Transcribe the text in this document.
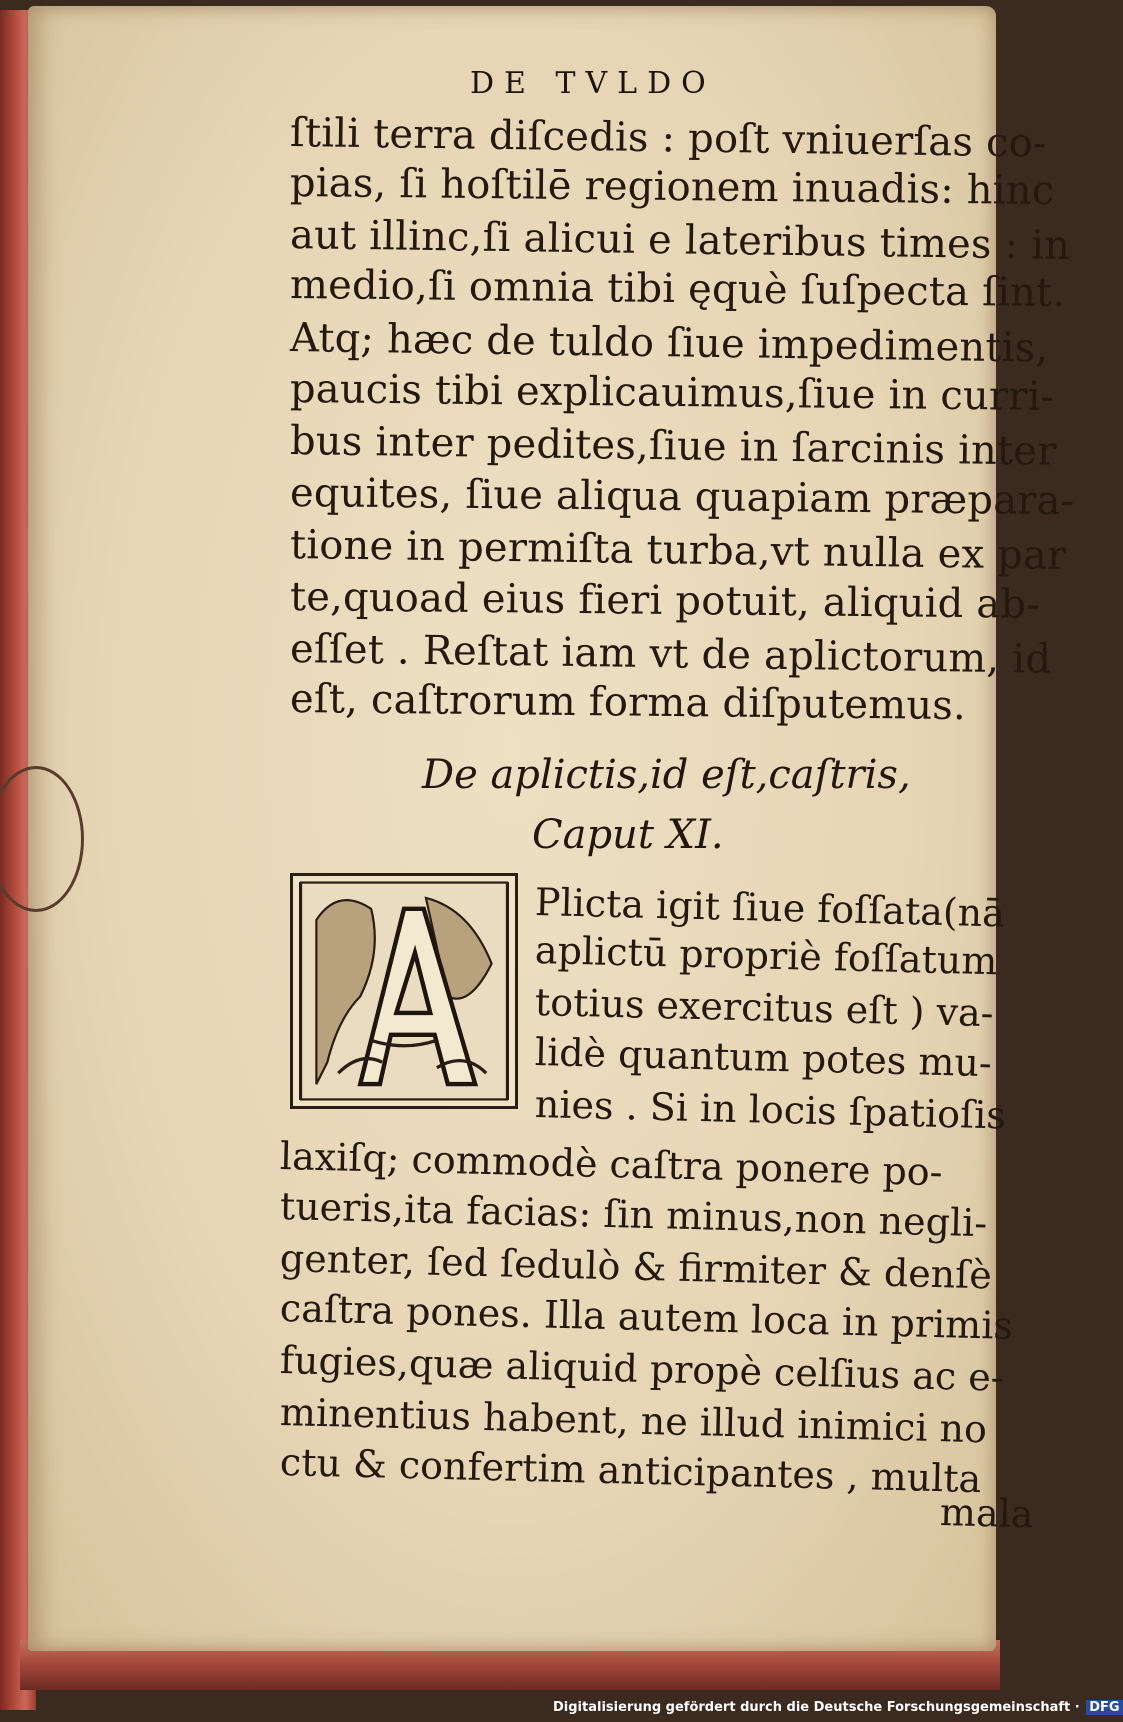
DE TVLDO
ſtili terra diſcedis : poſt vniuerſas co-
pias, ſi hoſtilē regionem inuadis: hinc
aut illinc,ſi alicui e lateribus times : in
medio,ſi omnia tibi ęquè ſuſpecta ſint.
Atq; hæc de tuldo ſiue impedimentis,
paucis tibi explicauimus,ſiue in curri-
bus inter pedites,ſiue in ſarcinis inter
equites, ſiue aliqua quapiam præpara-
tione in permiſta turba,vt nulla ex par
te,quoad eius fieri potuit, aliquid ab-
eſſet . Reſtat iam vt de aplictorum, id
eſt, caſtrorum forma diſputemus.
De aplictis,id eſt,caſtris,
Caput XI.
Plicta igit ſiue foſſata(nā
aplictū propriè foſſatum
totius exercitus eſt ) va-
lidè quantum potes mu-
nies . Si in locis ſpatioſis
laxiſq; commodè caſtra ponere po-
tueris,ita facias: ſin minus,non negli-
genter, ſed ſedulò & firmiter & denſè
caſtra pones. Illa autem loca in primis
fugies,quæ aliquid propè celſius ac e-
minentius habent, ne illud inimici no
ctu & confertim anticipantes , multa
mala
Digitalisierung gefördert durch die Deutsche Forschungsgemeinschaft · DFG
